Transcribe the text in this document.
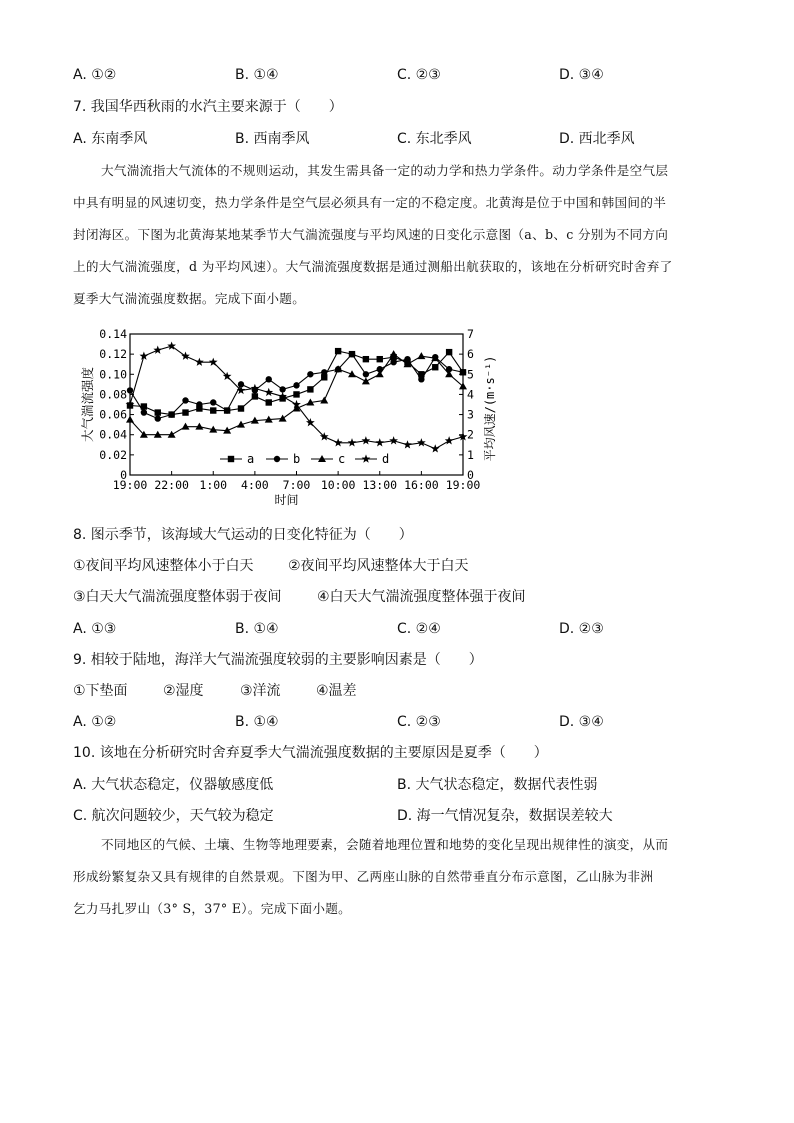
A. ①②	B. ①④	C. ②③	D. ③④
7. 我国华西秋雨的水汽主要来源于（　　）
A. 东南季风	B. 西南季风	C. 东北季风	D. 西北季风
大气湍流指大气流体的不规则运动，其发生需具备一定的动力学和热力学条件。动力学条件是空气层
中具有明显的风速切变，热力学条件是空气层必须具有一定的不稳定度。北黄海是位于中国和韩国间的半
封闭海区。下图为北黄海某地某季节大气湍流强度与平均风速的日变化示意图（a、b、c 分别为不同方向
上的大气湍流强度，d 为平均风速）。大气湍流强度数据是通过测船出航获取的，该地在分析研究时舍弃了
夏季大气湍流强度数据。完成下面小题。
0
0.02
0.04
0.06
0.08
0.10
0.12
0.14
0
1
2
3
4
5
6
7
19:00 22:00 1:00 4:00 7:00 10:00 13:00 16:00 19:00
时间
大气湍流强度	平均风速/(m·s⁻¹)
a	b	c	d
8. 图示季节，该海域大气运动的日变化特征为（　　）
①夜间平均风速整体小于白天 ②夜间平均风速整体大于白天
③白天大气湍流强度整体弱于夜间	④白天大气湍流强度整体强于夜间
A. ①③	B. ①④	C. ②④	D. ②③
9. 相较于陆地，海洋大气湍流强度较弱的主要影响因素是（　　）
①下垫面	②湿度	③洋流	④温差
A. ①②	B. ①④	C. ②③	D. ③④
10. 该地在分析研究时舍弃夏季大气湍流强度数据的主要原因是夏季（　　）
A. 大气状态稳定，仪器敏感度低	B. 大气状态稳定，数据代表性弱
C. 航次问题较少，天气较为稳定	D. 海一气情况复杂，数据误差较大
不同地区的气候、土壤、生物等地理要素，会随着地理位置和地势的变化呈现出规律性的演变，从而
形成纷繁复杂又具有规律的自然景观。下图为甲、乙两座山脉的自然带垂直分布示意图，乙山脉为非洲
乞力马扎罗山（3° S，37° E）。完成下面小题。
